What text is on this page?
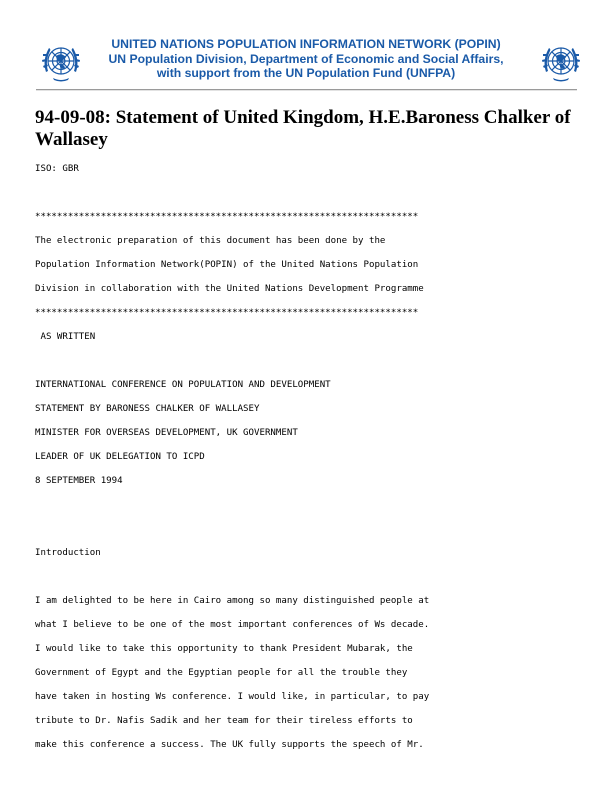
UNITED NATIONS POPULATION INFORMATION NETWORK (POPIN)
UN Population Division, Department of Economic and Social Affairs,
with support from the UN Population Fund (UNFPA)
94-09-08: Statement of United Kingdom, H.E.Baroness Chalker of Wallasey
ISO: GBR
**********************************************************************
The electronic preparation of this document has been done by the
Population Information Network(POPIN) of the United Nations Population
Division in collaboration with the United Nations Development Programme
**********************************************************************
AS WRITTEN
INTERNATIONAL CONFERENCE ON POPULATION AND DEVELOPMENT
STATEMENT BY BARONESS CHALKER OF WALLASEY
MINISTER FOR OVERSEAS DEVELOPMENT, UK GOVERNMENT
LEADER OF UK DELEGATION TO ICPD
8 SEPTEMBER 1994
Introduction
I am delighted to be here in Cairo among so many distinguished people at
what I believe to be one of the most important conferences of Ws decade.
I would like to take this opportunity to thank President Mubarak, the
Government of Egypt and the Egyptian people for all the trouble they
have taken in hosting Ws conference. I would like, in particular, to pay
tribute to Dr. Nafis Sadik and her team for their tireless efforts to
make this conference a success. The UK fully supports the speech of Mr.
